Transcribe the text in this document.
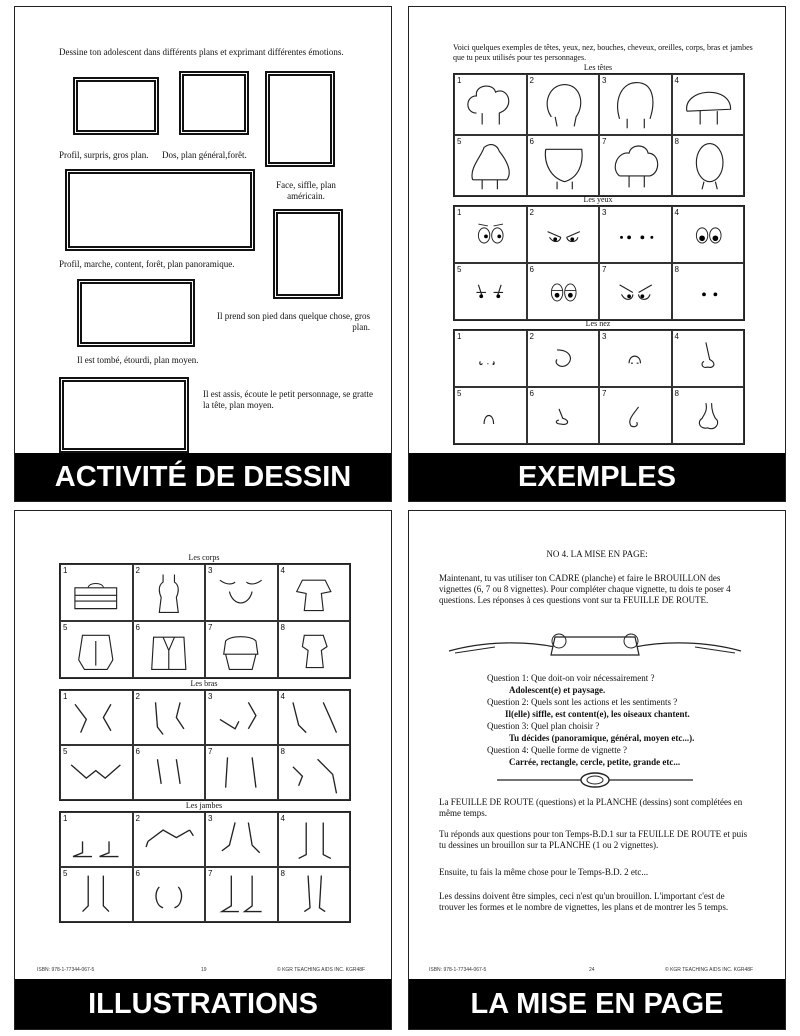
Dessine ton adolescent dans différents plans et exprimant différentes émotions.
Profil, surpris, gros plan. Dos, plan général,forêt.
Face, siffle, plan américain.
Profil, marche, content, forêt, plan panoramique.
Il prend son pied dans quelque chose, gros plan.
Il est tombé, étourdi, plan moyen.
Il est assis, écoute le petit personnage, se gratte la tête, plan moyen.
ACTIVITÉ DE DESSIN
Voici quelques exemples de têtes, yeux, nez, bouches, cheveux, oreilles, corps, bras et jambes que tu peux utilisés pour tes personnages.
Les têtes
1	2	3	4
5	6	7	8
Les yeux
1	2	3	4
5	6	7	8
Les nez
1	2	3	4
5	6	7	8
EXEMPLES
Les corps
1	2	3	4
5	6	7	8
Les bras
1	2	3	4
5	6	7	8
Les jambes
1	2	3	4
5	6	7	8
ISBN: 978-1-77344-067-5	19	© KGR TEACHING AIDS INC. KGR48F
ILLUSTRATIONS
NO 4. LA MISE EN PAGE:
Maintenant, tu vas utiliser ton CADRE (planche) et faire le BROUILLON des vignettes (6, 7 ou 8 vignettes). Pour compléter chaque vignette, tu dois te poser 4 questions. Les réponses à ces questions vont sur ta FEUILLE DE ROUTE.
Question 1: Que doit-on voir nécessairement ?
Adolescent(e) et paysage.
Question 2: Quels sont les actions et les sentiments ?
Il(elle) siffle, est content(e), les oiseaux chantent.
Question 3: Quel plan choisir ?
Tu décides (panoramique, général, moyen etc...).
Question 4: Quelle forme de vignette ?
Carrée, rectangle, cercle, petite, grande etc...
La FEUILLE DE ROUTE (questions) et la PLANCHE (dessins) sont complétées en même temps.
Tu réponds aux questions pour ton Temps-B.D.1 sur ta FEUILLE DE ROUTE et puis tu dessines un brouillon sur ta PLANCHE (1 ou 2 vignettes).
Ensuite, tu fais la même chose pour le Temps-B.D. 2 etc...
Les dessins doivent être simples, ceci n'est qu'un brouillon. L'important c'est de trouver les formes et le nombre de vignettes, les plans et de montrer les 5 temps.
ISBN: 978-1-77344-067-5	24	© KGR TEACHING AIDS INC. KGR48F
LA MISE EN PAGE
